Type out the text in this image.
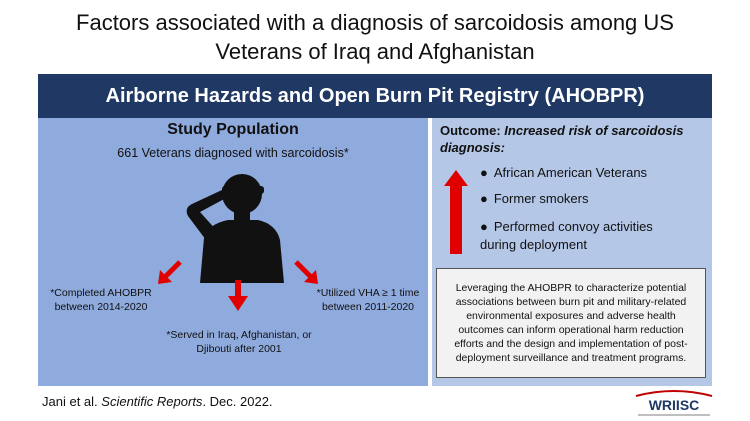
Factors associated with a diagnosis of sarcoidosis among US
Veterans of Iraq and Afghanistan
Airborne Hazards and Open Burn Pit Registry (AHOBPR)
Study Population
661 Veterans diagnosed with sarcoidosis*
*Completed AHOBPR
between 2014-2020
*Served in Iraq, Afghanistan, or
Djibouti after 2001
*Utilized VHA ≥ 1 time
between 2011-2020
Outcome: Increased risk of sarcoidosis
diagnosis:
● African American Veterans
● Former smokers
● Performed convoy activities
during deployment
Leveraging the AHOBPR to characterize potential associations between burn pit and military-related environmental exposures and adverse health outcomes can inform operational harm reduction efforts and the design and implementation of post-deployment surveillance and treatment programs.
Jani et al. Scientific Reports. Dec. 2022.	WRIISC
